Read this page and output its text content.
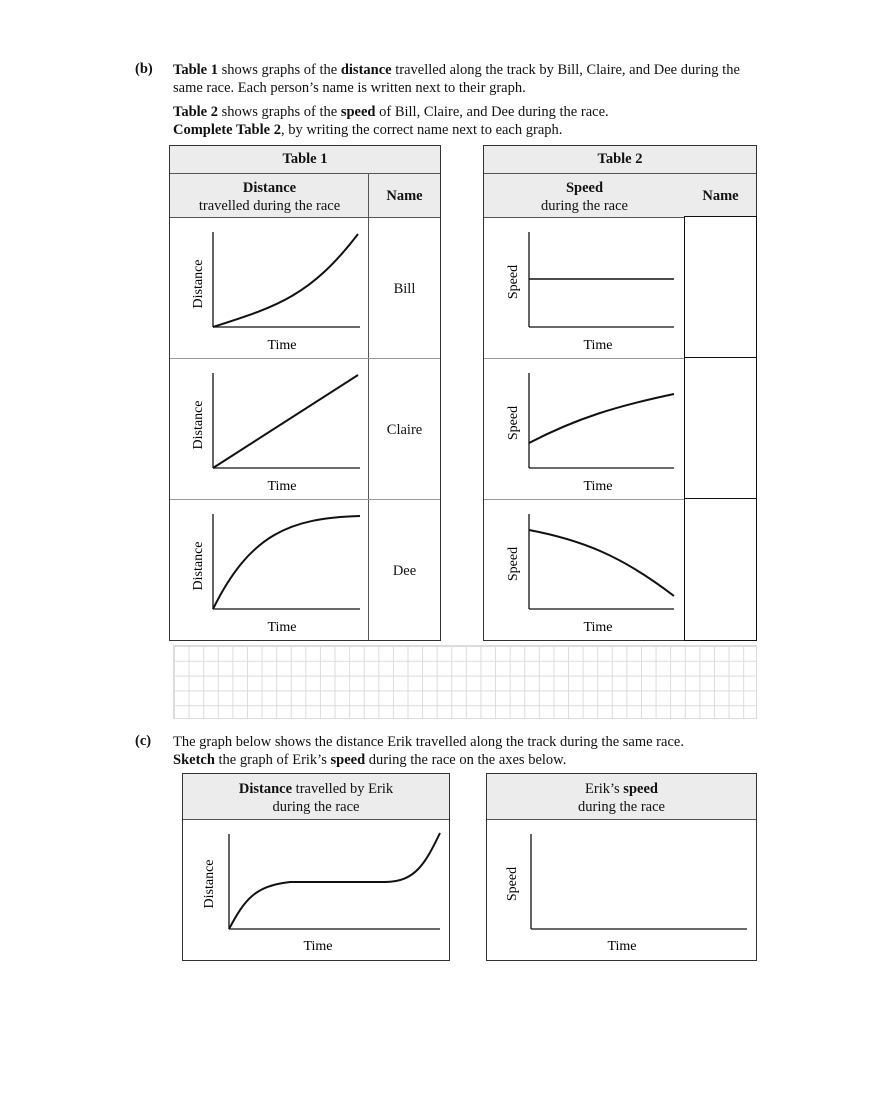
(b) Table 1 shows graphs of the distance travelled along the track by Bill, Claire, and Dee during the same race. Each person’s name is written next to their graph.
Table 2 shows graphs of the speed of Bill, Claire, and Dee during the race.
Complete Table 2, by writing the correct name next to each graph.
Table 1
Distance
travelled during the race
Name
Bill
Claire
Dee
Distance
Time
Distance
Time
Distance
Time
Table 2
Speed
during the race
Name
Speed
Time
Speed
Time
Speed
Time
(c) The graph below shows the distance Erik travelled along the track during the same race.
Sketch the graph of Erik’s speed during the race on the axes below.
Distance travelled by Erik
during the race
Distance
Time
Erik’s speed
during the race
Speed
Time
